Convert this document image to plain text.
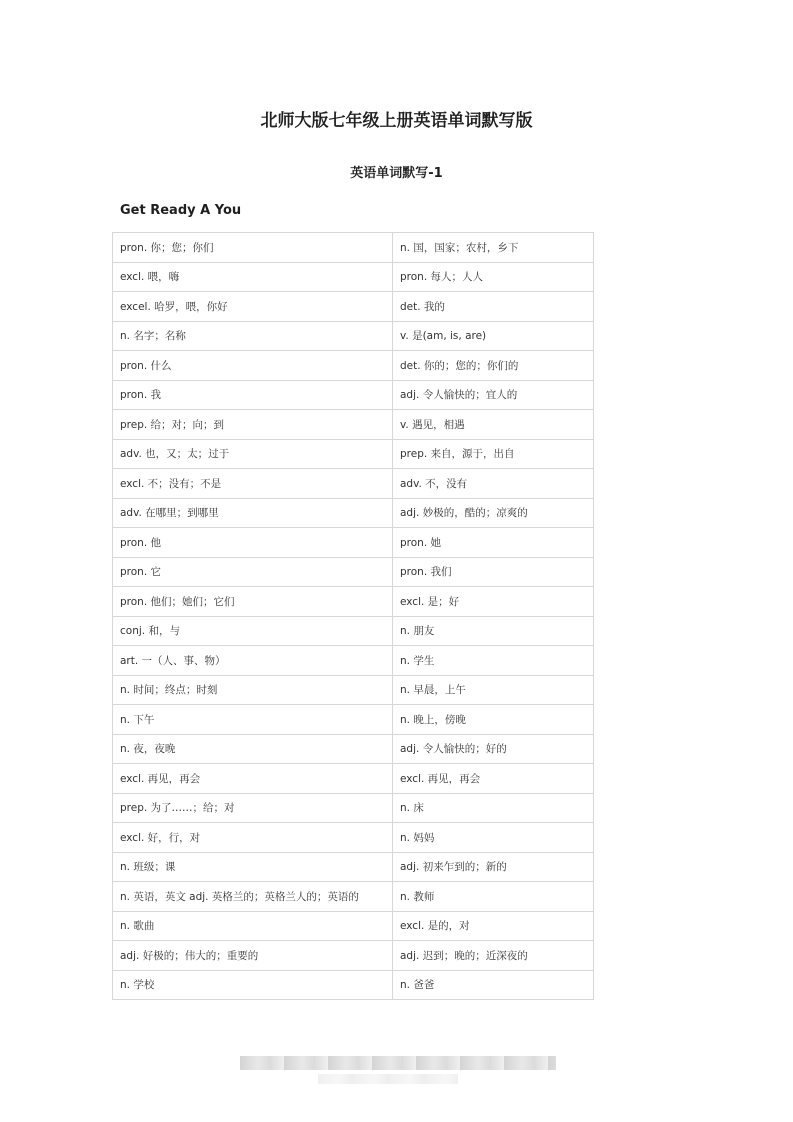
北师大版七年级上册英语单词默写版
英语单词默写-1
Get Ready A You
pron. 你；您；你们	n. 国，国家；农村，乡下
excl. 喂，嗨	pron. 每人；人人
excel. 哈罗，喂，你好	det. 我的
n. 名字；名称	v. 是(am, is, are)
pron. 什么	det. 你的；您的；你们的
pron. 我	adj. 令人愉快的；宜人的
prep. 给；对；向；到	v. 遇见，相遇
adv. 也，又；太；过于	prep. 来自，源于，出自
excl. 不；没有；不是	adv. 不，没有
adv. 在哪里；到哪里	adj. 妙极的，酷的；凉爽的
pron. 他	pron. 她
pron. 它	pron. 我们
pron. 他们；她们；它们	excl. 是；好
conj. 和，与	n. 朋友
art. 一（人、事、物）	n. 学生
n. 时间；终点；时刻	n. 早晨，上午
n. 下午	n. 晚上，傍晚
n. 夜，夜晚	adj. 令人愉快的；好的
excl. 再见，再会	excl. 再见，再会
prep. 为了……；给；对	n. 床
excl. 好，行，对	n. 妈妈
n. 班级；课	adj. 初来乍到的；新的
n. 英语，英文 adj. 英格兰的；英格兰人的；英语的	n. 教师
n. 歌曲	excl. 是的，对
adj. 好极的；伟大的；重要的	adj. 迟到；晚的；近深夜的
n. 学校	n. 爸爸
